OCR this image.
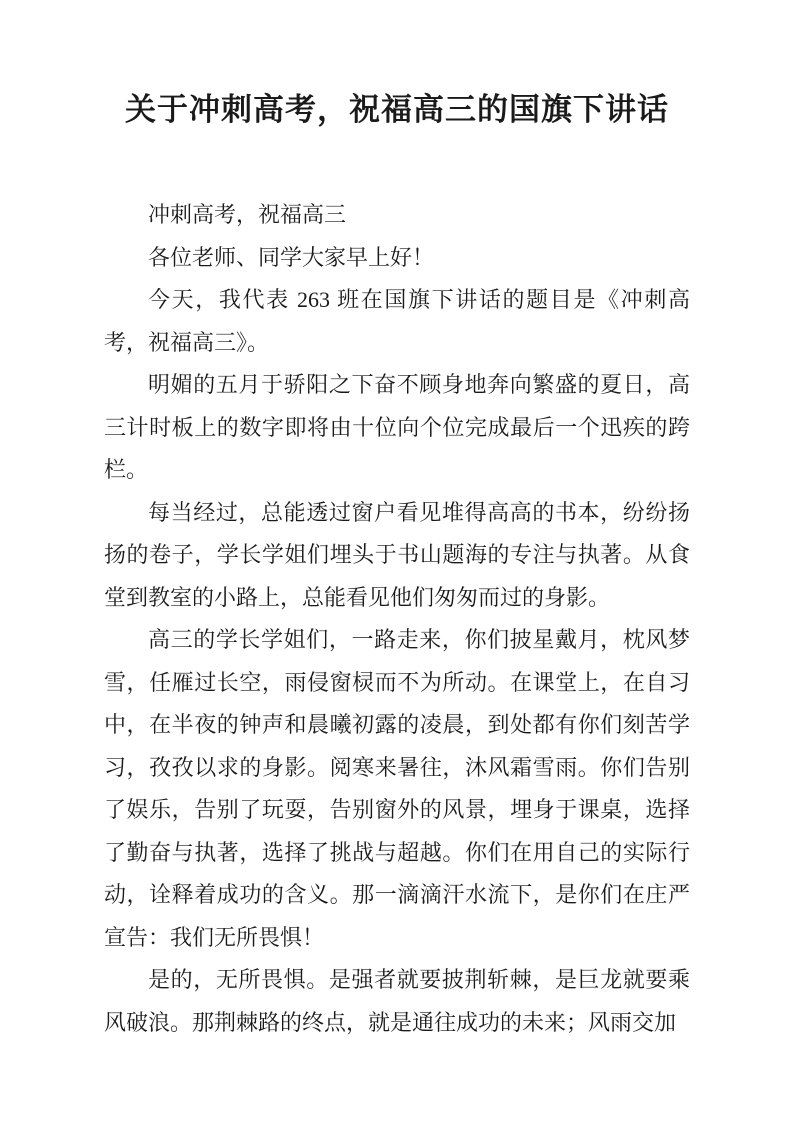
关于冲刺高考，祝福高三的国旗下讲话

冲刺高考，祝福高三

各位老师、同学大家早上好！

今天，我代表 263 班在国旗下讲话的题目是《冲刺高考，祝福高三》。

明媚的五月于骄阳之下奋不顾身地奔向繁盛的夏日，高三计时板上的数字即将由十位向个位完成最后一个迅疾的跨栏。

每当经过，总能透过窗户看见堆得高高的书本，纷纷扬扬的卷子，学长学姐们埋头于书山题海的专注与执著。从食堂到教室的小路上，总能看见他们匆匆而过的身影。

高三的学长学姐们，一路走来，你们披星戴月，枕风梦雪，任雁过长空，雨侵窗棂而不为所动。在课堂上，在自习中，在半夜的钟声和晨曦初露的凌晨，到处都有你们刻苦学习，孜孜以求的身影。阅寒来暑往，沐风霜雪雨。你们告别了娱乐，告别了玩耍，告别窗外的风景，埋身于课桌，选择了勤奋与执著，选择了挑战与超越。你们在用自己的实际行动，诠释着成功的含义。那一滴滴汗水流下，是你们在庄严宣告：我们无所畏惧！

是的，无所畏惧。是强者就要披荆斩棘，是巨龙就要乘风破浪。那荆棘路的终点，就是通往成功的未来；风雨交加
